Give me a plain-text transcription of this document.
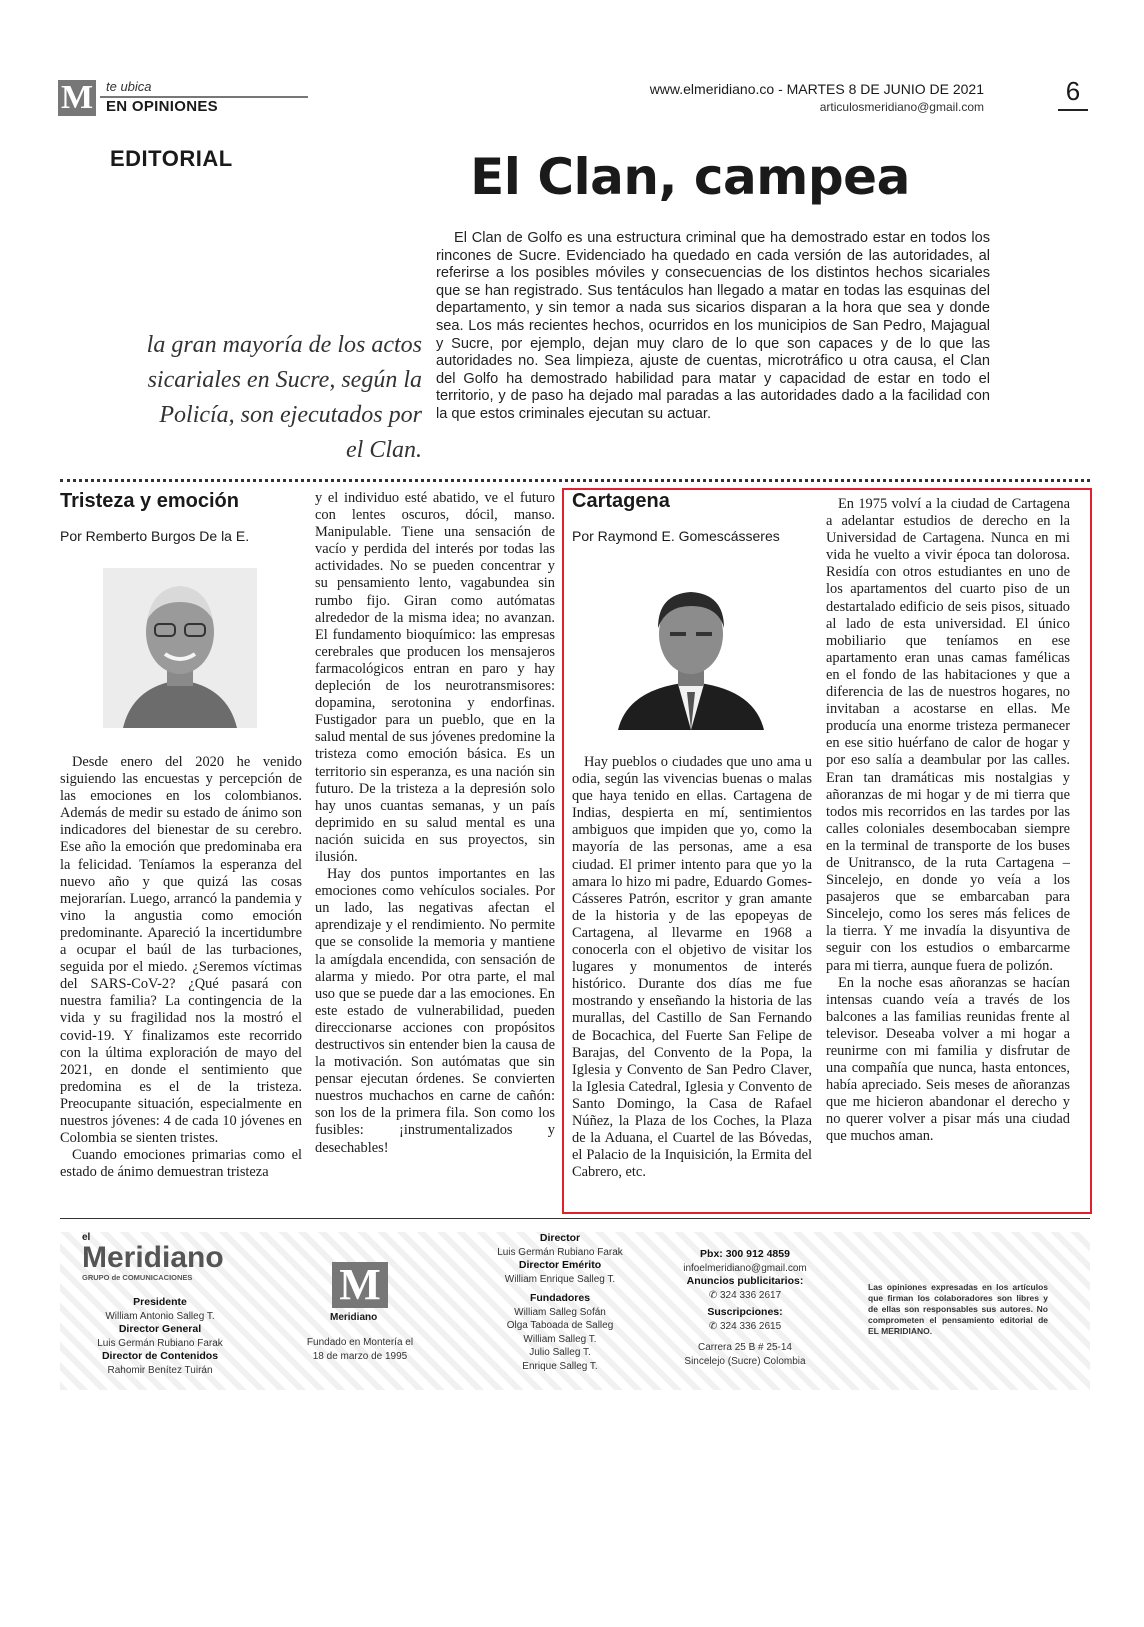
M te ubica
EN OPINIONES
www.elmeridiano.co - MARTES 8 DE JUNIO DE 2021
articulosmeridiano@gmail.com
6
EDITORIAL	El Clan, campea
El Clan de Golfo es una estructura criminal que ha demostrado estar en todos los rincones de Sucre. Evidenciado ha quedado en cada versión de las autoridades, al referirse a los posibles móviles y consecuencias de los distintos hechos sicariales que se han registrado. Sus tentáculos han llegado a matar en todas las esquinas del departamento, y sin temor a nada sus sicarios disparan a la hora que sea y donde sea. Los más recientes hechos, ocurridos en los municipios de San Pedro, Majagual y Sucre, por ejemplo, dejan muy claro de lo que son capaces y de lo que las autoridades no. Sea limpieza, ajuste de cuentas, microtráfico u otra causa, el Clan del Golfo ha demostrado habilidad para matar y capacidad de estar en todo el territorio, y de paso ha dejado mal paradas a las autoridades dado a la facilidad con la que estos criminales ejecutan su actuar.
la gran mayoría de los actos sicariales en Sucre, según la Policía, son ejecutados por el Clan.
Tristeza y emoción
Por Remberto Burgos De la E.

Desde enero del 2020 he venido siguiendo las encuestas y percepción de las emociones en los colombianos. Además de medir su estado de ánimo son indicadores del bienestar de su cerebro. Ese año la emoción que predominaba era la felicidad. Teníamos la esperanza del nuevo año y que quizá las cosas mejorarían. Luego, arrancó la pandemia y vino la angustia como emoción predominante. Apareció la incertidumbre a ocupar el baúl de las turbaciones, seguida por el miedo. ¿Seremos víctimas del SARS-CoV-2? ¿Qué pasará con nuestra familia? La contingencia de la vida y su fragilidad nos la mostró el covid-19. Y finalizamos este recorrido con la última exploración de mayo del 2021, en donde el sentimiento que predomina es el de la tristeza. Preocupante situación, especialmente en nuestros jóvenes: 4 de cada 10 jóvenes en Colombia se sienten tristes.

Cuando emociones primarias como el estado de ánimo demuestran tristeza

y el individuo esté abatido, ve el futuro con lentes oscuros, dócil, manso. Manipulable. Tiene una sensación de vacío y perdida del interés por todas las actividades. No se pueden concentrar y su pensamiento lento, vagabundea sin rumbo fijo. Giran como autómatas alrededor de la misma idea; no avanzan. El fundamento bioquímico: las empresas cerebrales que producen los mensajeros farmacológicos entran en paro y hay depleción de los neurotransmisores: dopamina, serotonina y endorfinas. Fustigador para un pueblo, que en la salud mental de sus jóvenes predomine la tristeza como emoción básica. Es un territorio sin esperanza, es una nación sin futuro. De la tristeza a la depresión solo hay unos cuantas semanas, y un país deprimido en su salud mental es una nación suicida en sus proyectos, sin ilusión.

Hay dos puntos importantes en las emociones como vehículos sociales. Por un lado, las negativas afectan el aprendizaje y el rendimiento. No permite que se consolide la memoria y mantiene la amígdala encendida, con sensación de alarma y miedo. Por otra parte, el mal uso que se puede dar a las emociones. En este estado de vulnerabilidad, pueden direccionarse acciones con propósitos destructivos sin entender bien la causa de la motivación. Son autómatas que sin pensar ejecutan órdenes. Se convierten nuestros muchachos en carne de cañón: son los de la primera fila. Son como los fusibles: ¡instrumentalizados y desechables!

Cartagena
Por Raymond E. Gomescásseres

Hay pueblos o ciudades que uno ama u odia, según las vivencias buenas o malas que haya tenido en ellas. Cartagena de Indias, despierta en mí, sentimientos ambiguos que impiden que yo, como la mayoría de las personas, ame a esa ciudad. El primer intento para que yo la amara lo hizo mi padre, Eduardo Gomes-Cásseres Patrón, escritor y gran amante de la historia y de las epopeyas de Cartagena, al llevarme en 1968 a conocerla con el objetivo de visitar los lugares y monumentos de interés histórico. Durante dos días me fue mostrando y enseñando la historia de las murallas, del Castillo de San Fernando de Bocachica, del Fuerte San Felipe de Barajas, del Convento de la Popa, la Iglesia y Convento de San Pedro Claver, la Iglesia Catedral, Iglesia y Convento de Santo Domingo, la Casa de Rafael Núñez, la Plaza de los Coches, la Plaza de la Aduana, el Cuartel de las Bóvedas, el Palacio de la Inquisición, la Ermita del Cabrero, etc.

En 1975 volví a la ciudad de Cartagena a adelantar estudios de derecho en la Universidad de Cartagena. Nunca en mi vida he vuelto a vivir época tan dolorosa. Residía con otros estudiantes en uno de los apartamentos del cuarto piso de un destartalado edificio de seis pisos, situado al lado de esta universidad. El único mobiliario que teníamos en ese apartamento eran unas camas famélicas en el fondo de las habitaciones y que a diferencia de las de nuestros hogares, no invitaban a acostarse en ellas. Me producía una enorme tristeza permanecer en ese sitio huérfano de calor de hogar y por eso salía a deambular por las calles. Eran tan dramáticas mis nostalgias y añoranzas de mi hogar y de mi tierra que todos mis recorridos en las tardes por las calles coloniales desembocaban siempre en la terminal de transporte de los buses de Unitransco, de la ruta Cartagena – Sincelejo, en donde yo veía a los pasajeros que se embarcaban para Sincelejo, como los seres más felices de la tierra. Y me invadía la disyuntiva de seguir con los estudios o embarcarme para mi tierra, aunque fuera de polizón.

En la noche esas añoranzas se hacían intensas cuando veía a través de los balcones a las familias reunidas frente al televisor. Deseaba volver a mi hogar a reunirme con mi familia y disfrutar de una compañía que nunca, hasta entonces, había apreciado. Seis meses de añoranzas que me hicieron abandonar el derecho y no querer volver a pisar más una ciudad que muchos aman.

el
Meridiano
GRUPO de COMUNICACIONES
Presidente
William Antonio Salleg T.
Director General
Luis Germán Rubiano Farak
Director de Contenidos
Rahomir Benítez Tuirán
M
Meridiano
Fundado en Montería el 18 de marzo de 1995
Director
Luis Germán Rubiano Farak
Director Emérito
William Enrique Salleg T.
Fundadores
William Salleg Sofán
Olga Taboada de Salleg
William Salleg T.
Julio Salleg T.
Enrique Salleg T.
Pbx: 300 912 4859
infoelmeridiano@gmail.com
Anuncios publicitarios:
✆ 324 336 2617
Suscripciones:
✆ 324 336 2615
Carrera 25 B # 25-14
Sincelejo (Sucre) Colombia
Las opiniones expresadas en los artículos que firman los colaboradores son libres y de ellas son responsables sus autores. No comprometen el pensamiento editorial de EL MERIDIANO.
